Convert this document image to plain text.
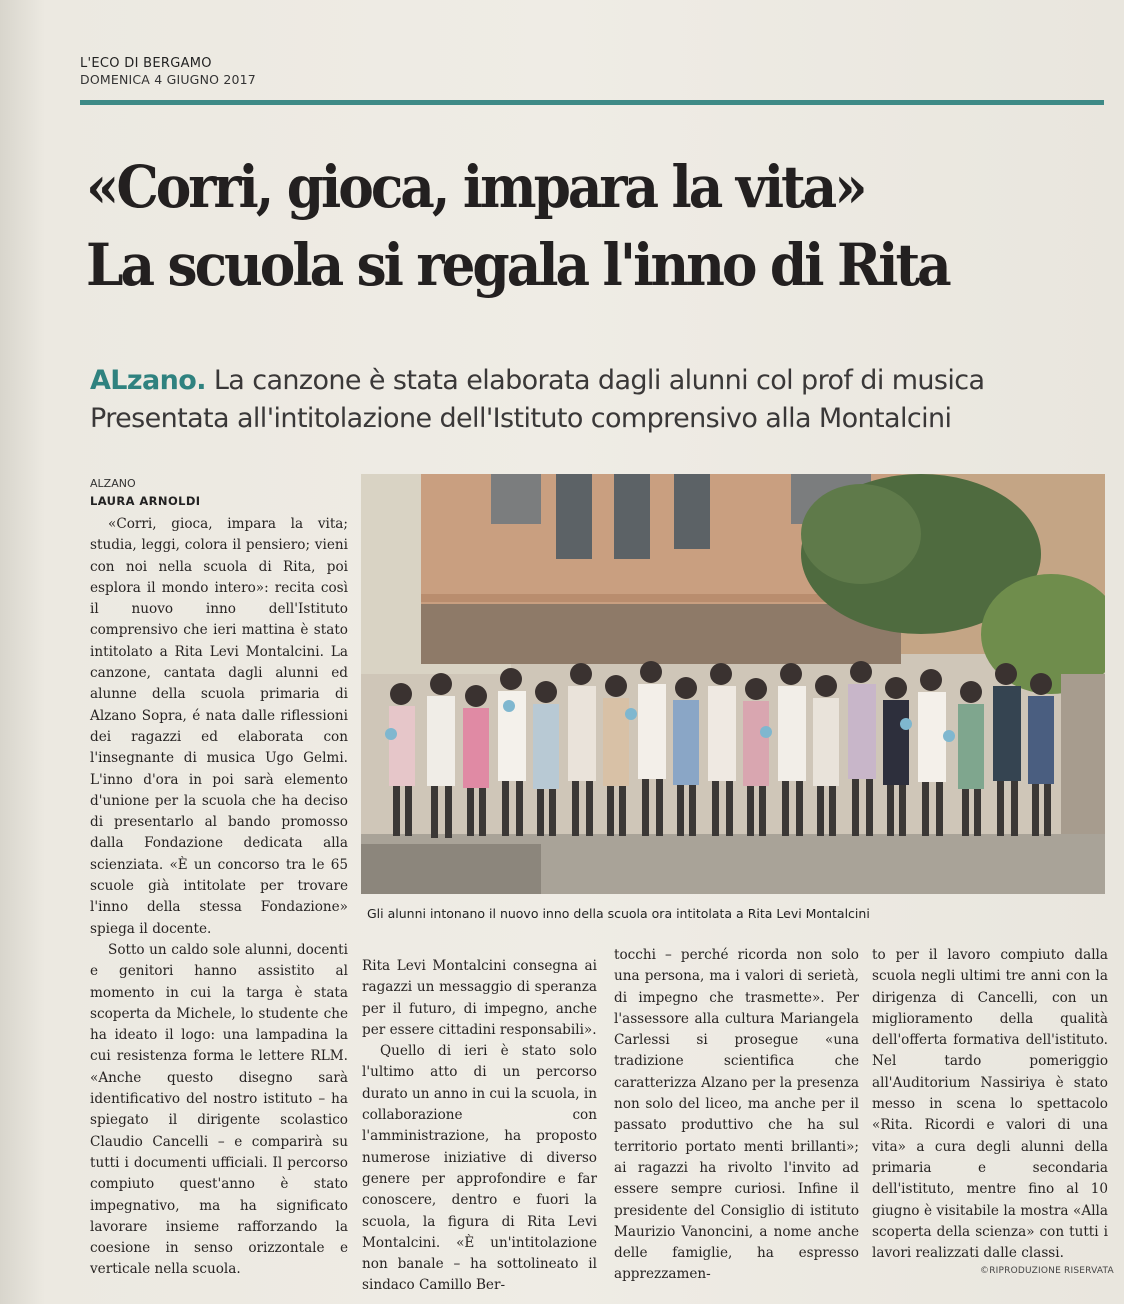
L'ECO DI BERGAMO
DOMENICA 4 GIUGNO 2017
«Corri, gioca, impara la vita»
La scuola si regala l'inno di Rita
ALzano. La canzone è stata elaborata dagli alunni col prof di musica
Presentata all'intitolazione dell'Istituto comprensivo alla Montalcini
ALZANO
LAURA ARNOLDI

«Corri, gioca, impara la vita; studia, leggi, colora il pensiero; vieni con noi nella scuola di Rita, poi esplora il mondo intero»: recita così il nuovo inno dell'Istituto comprensivo che ieri mattina è stato intitolato a Rita Levi Montalcini. La canzone, cantata dagli alunni ed alunne della scuola primaria di Alzano Sopra, é nata dalle riflessioni dei ragazzi ed elaborata con l'insegnante di musica Ugo Gelmi. L'inno d'ora in poi sarà elemento d'unione per la scuola che ha deciso di presentarlo al bando promosso dalla Fondazione dedicata alla scienziata. «È un concorso tra le 65 scuole già intitolate per trovare l'inno della stessa Fondazione» spiega il docente.

Sotto un caldo sole alunni, docenti e genitori hanno assistito al momento in cui la targa è stata scoperta da Michele, lo studente che ha ideato il logo: una lampadina la cui resistenza forma le lettere RLM. «Anche questo disegno sarà identificativo del nostro istituto – ha spiegato il dirigente scolastico Claudio Cancelli – e comparirà su tutti i documenti ufficiali. Il percorso compiuto quest'anno è stato impegnativo, ma ha significato lavorare insieme rafforzando la coesione in senso orizzontale e verticale nella scuola.

Gli alunni intonano il nuovo inno della scuola ora intitolata a Rita Levi Montalcini

Rita Levi Montalcini consegna ai ragazzi un messaggio di speranza per il futuro, di impegno, anche per essere cittadini responsabili».

Quello di ieri è stato solo l'ultimo atto di un percorso durato un anno in cui la scuola, in collaborazione con l'amministrazione, ha proposto numerose iniziative di diverso genere per approfondire e far conoscere, dentro e fuori la scuola, la figura di Rita Levi Montalcini. «È un'intitolazione non banale – ha sottolineato il sindaco Camillo Ber-

tocchi – perché ricorda non solo una persona, ma i valori di serietà, di impegno che trasmette». Per l'assessore alla cultura Mariangela Carlessi si prosegue «una tradizione scientifica che caratterizza Alzano per la presenza non solo del liceo, ma anche per il passato produttivo che ha sul territorio portato menti brillanti»; ai ragazzi ha rivolto l'invito ad essere sempre curiosi. Infine il presidente del Consiglio di istituto Maurizio Vanoncini, a nome anche delle famiglie, ha espresso apprezzamen-

to per il lavoro compiuto dalla scuola negli ultimi tre anni con la dirigenza di Cancelli, con un miglioramento della qualità dell'offerta formativa dell'istituto. Nel tardo pomeriggio all'Auditorium Nassiriya è stato messo in scena lo spettacolo «Rita. Ricordi e valori di una vita» a cura degli alunni della primaria e secondaria dell'istituto, mentre fino al 10 giugno è visitabile la mostra «Alla scoperta della scienza» con tutti i lavori realizzati dalle classi.

©RIPRODUZIONE RISERVATA
